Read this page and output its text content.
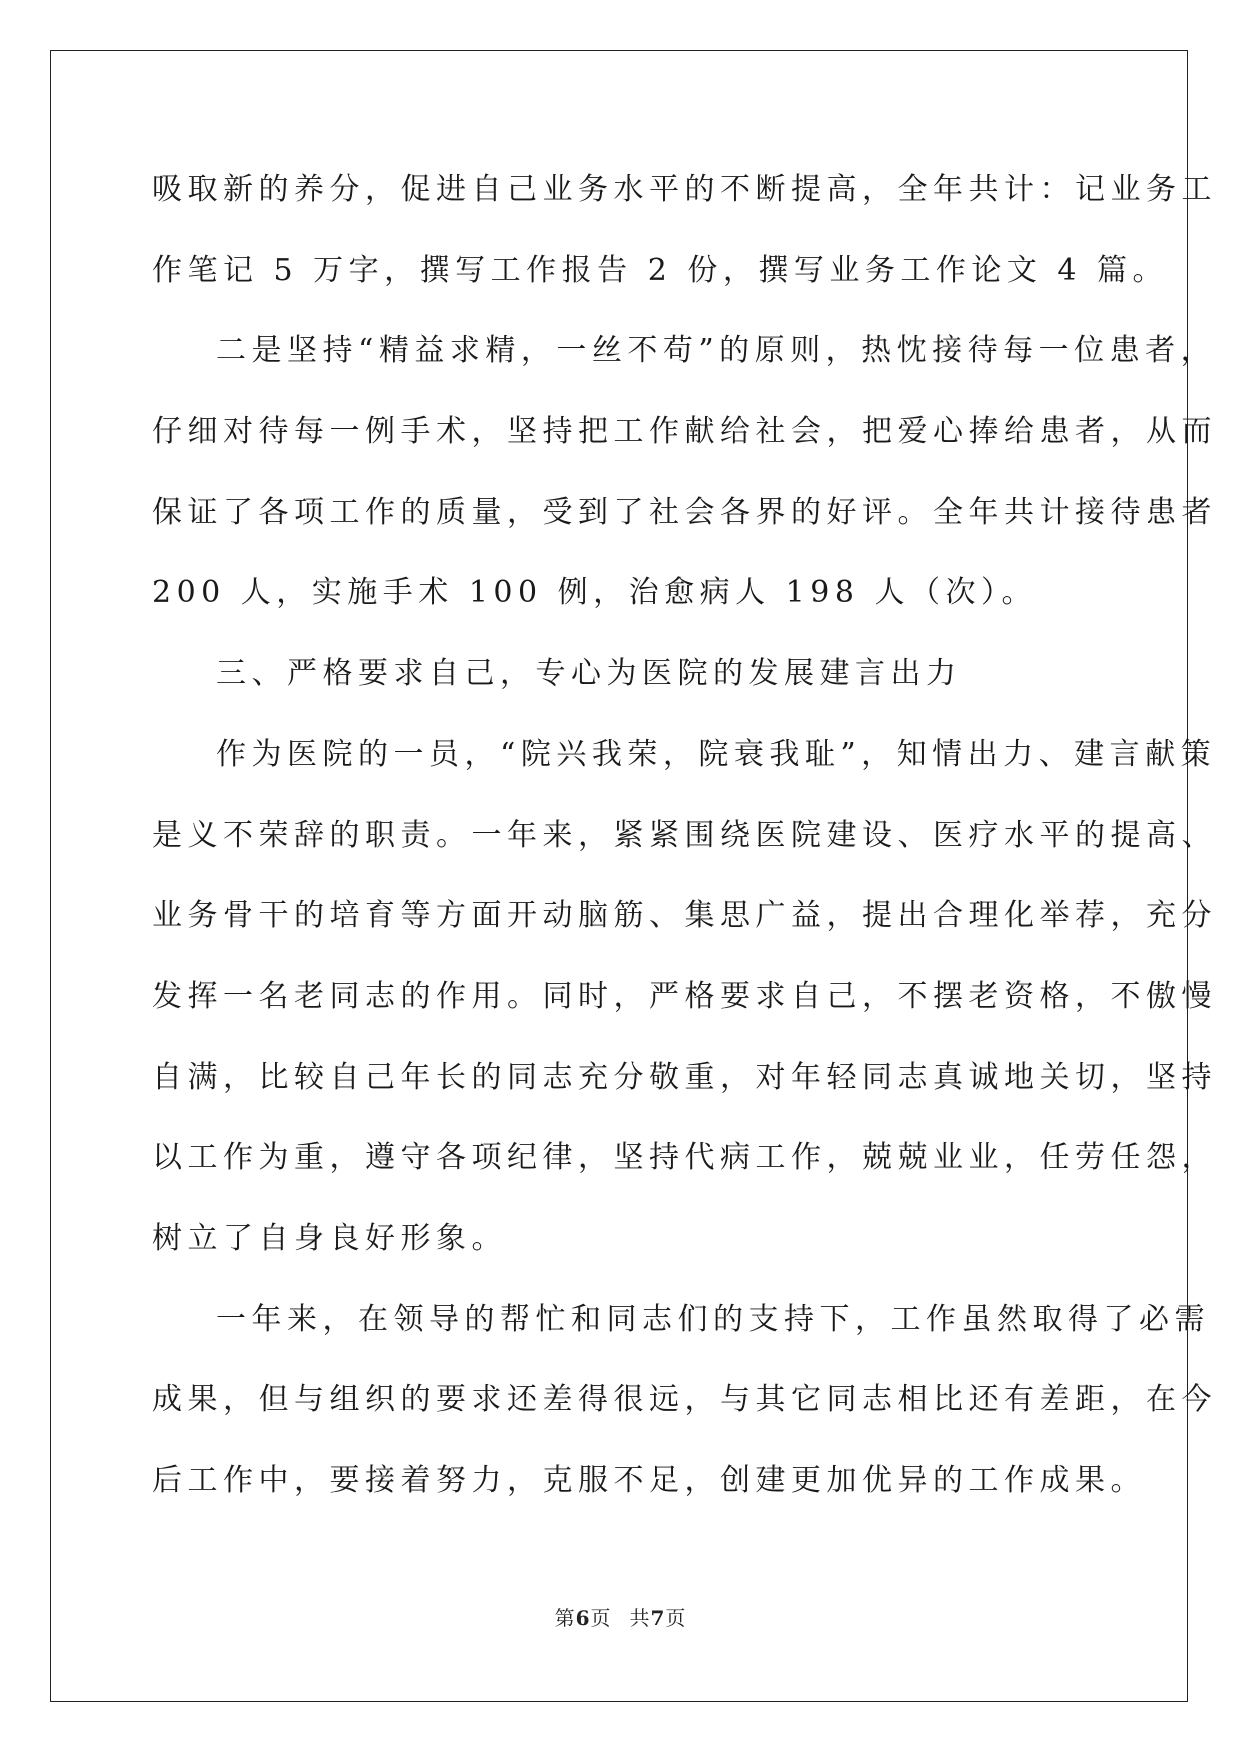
吸取新的养分，促进自己业务水平的不断提高，全年共计：记业务工

作笔记 5 万字，撰写工作报告 2 份，撰写业务工作论文 4 篇。

二是坚持“精益求精，一丝不苟”的原则，热忱接待每一位患者，

仔细对待每一例手术，坚持把工作献给社会，把爱心捧给患者，从而

保证了各项工作的质量，受到了社会各界的好评。全年共计接待患者

200 人，实施手术 100 例，治愈病人 198 人（次）。

三、严格要求自己，专心为医院的发展建言出力

作为医院的一员，“院兴我荣，院衰我耻”，知情出力、建言献策

是义不荣辞的职责。一年来，紧紧围绕医院建设、医疗水平的提高、

业务骨干的培育等方面开动脑筋、集思广益，提出合理化举荐，充分

发挥一名老同志的作用。同时，严格要求自己，不摆老资格，不傲慢

自满，比较自己年长的同志充分敬重，对年轻同志真诚地关切，坚持

以工作为重，遵守各项纪律，坚持代病工作，兢兢业业，任劳任怨，

树立了自身良好形象。

一年来，在领导的帮忙和同志们的支持下，工作虽然取得了必需

成果，但与组织的要求还差得很远，与其它同志相比还有差距，在今

后工作中，要接着努力，克服不足，创建更加优异的工作成果。

第6页 共7页
